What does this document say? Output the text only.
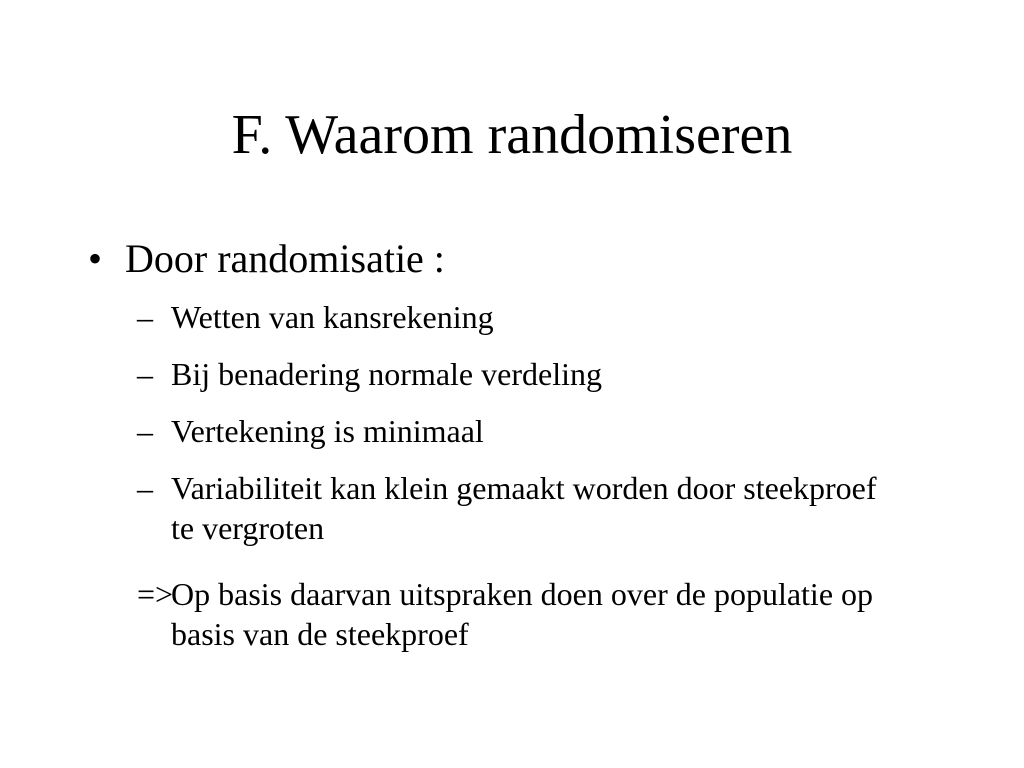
F. Waarom randomiseren
• Door randomisatie :
– Wetten van kansrekening
– Bij benadering normale verdeling
– Vertekening is minimaal
– Variabiliteit kan klein gemaakt worden door steekproef te vergroten
=>
Op basis daarvan uitspraken doen over de populatie op basis van de steekproef
